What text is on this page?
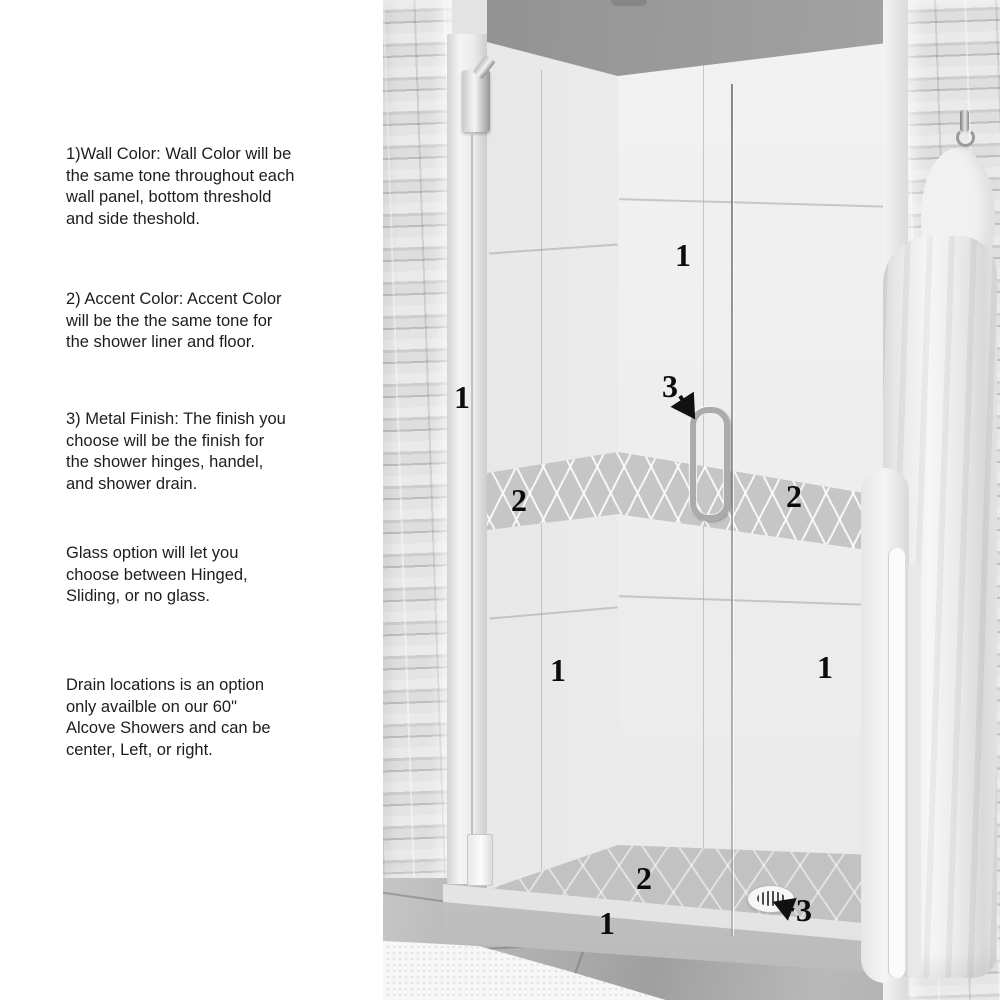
1)Wall Color: Wall Color will be
the same tone throughout each
wall panel, bottom threshold
and side theshold.

2) Accent Color: Accent Color
will be the the same tone for
the shower liner and floor.

3) Metal Finish: The finish you
choose will be the finish for
the shower hinges, handel,
and shower drain.

Glass option will let you
choose between Hinged,
Sliding, or no glass.

Drain locations is an option
only availble on our 60"
Alcove Showers and can be
center, Left, or right.

1
1	3
2	2
1	1
2
3
1
